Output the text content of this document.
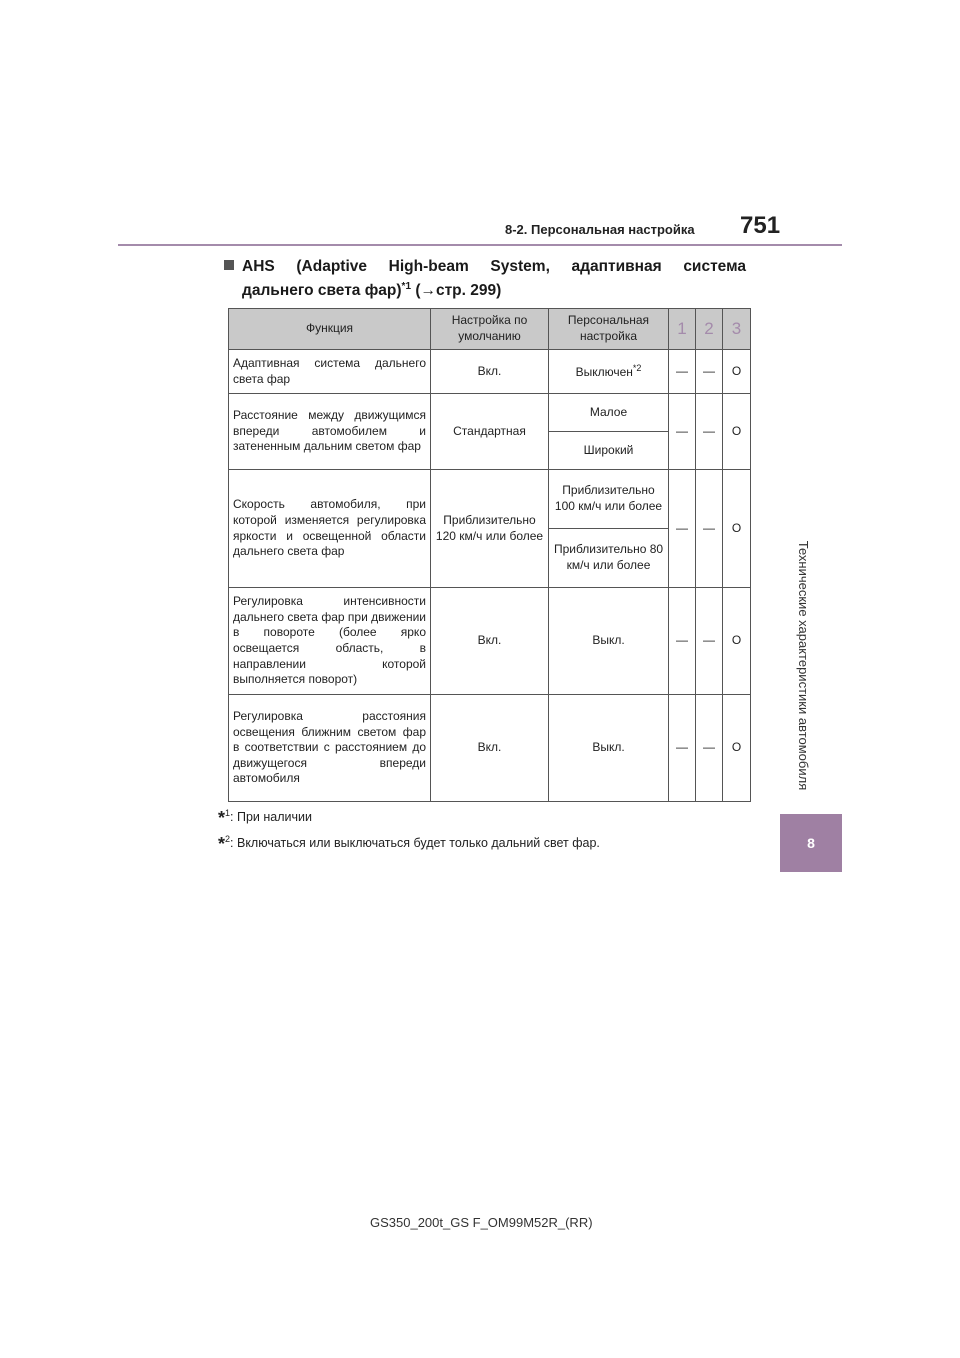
8-2. Персональная настройка 751
Технические характеристики автомобиля
8
AHS (Adaptive High-beam System, адаптивная система
дальнего света фар)$^{*1}$ (→стр. 299)
Функция	Настройка по умолчанию	Персональная настройка	1	2	3
Адаптивная система дальнего света фар	Вкл.	Выключен$^{*2}$	—	—	O
Расстояние между движущимся впереди автомобилем и затененным дальним светом фар	Стандартная	Малое	—	—	O
		Широкий			
Скорость автомобиля, при которой изменяется регулировка яркости и освещенной области дальнего света фар	Приблизительно 120 км/ч или более	Приблизительно 100 км/ч или более	—	—	O
		Приблизительно 80 км/ч или более			
Регулировка интенсивности дальнего света фар при движении в повороте (более ярко освещается область, в направлении которой выполняется поворот)	Вкл.	Выкл.	—	—	O
Регулировка расстояния освещения ближним светом фар в соответствии с расстоянием до движущегося впереди автомобиля	Вкл.	Выкл.	—	—	O
*$^1$: При наличии
*$^2$: Включаться или выключаться будет только дальний свет фар.
GS350_200t_GS F_OM99M52R_(RR)
